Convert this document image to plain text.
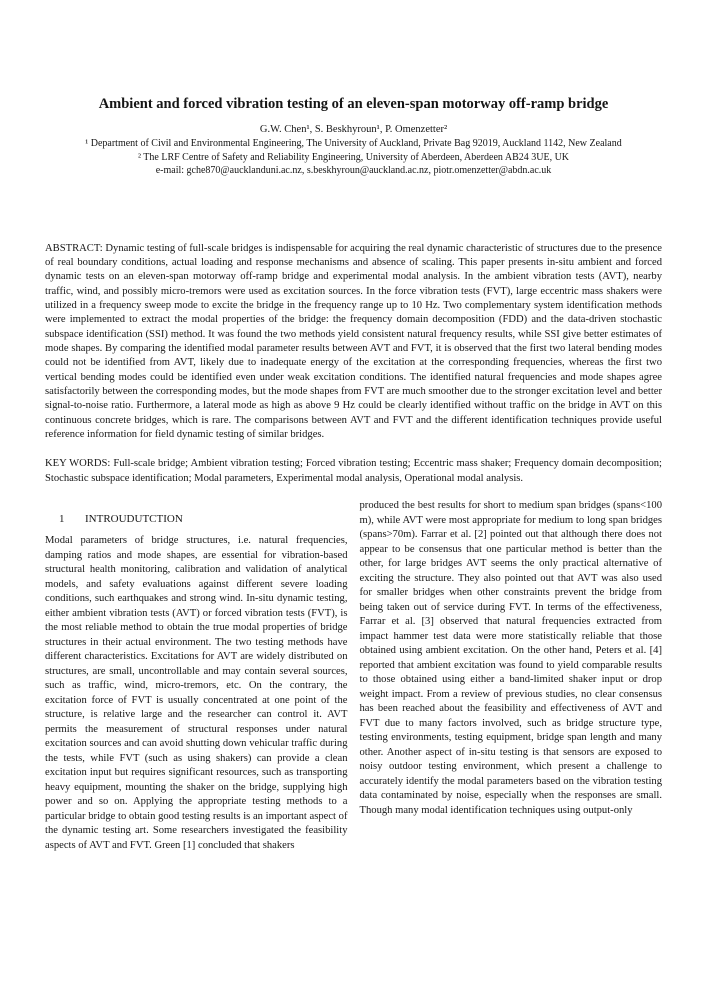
Ambient and forced vibration testing of an eleven-span motorway off-ramp bridge
G.W. Chen¹, S. Beskhyroun¹, P. Omenzetter²
¹ Department of Civil and Environmental Engineering, The University of Auckland, Private Bag 92019, Auckland 1142, New Zealand
² The LRF Centre of Safety and Reliability Engineering, University of Aberdeen, Aberdeen AB24 3UE, UK
e-mail: gche870@aucklanduni.ac.nz, s.beskhyroun@auckland.ac.nz, piotr.omenzetter@abdn.ac.uk

ABSTRACT: Dynamic testing of full-scale bridges is indispensable for acquiring the real dynamic characteristic of structures due to the presence of real boundary conditions, actual loading and response mechanisms and absence of scaling. This paper presents in-situ ambient and forced dynamic tests on an eleven-span motorway off-ramp bridge and experimental modal analysis. In the ambient vibration tests (AVT), nearby traffic, wind, and possibly micro-tremors were used as excitation sources. In the force vibration tests (FVT), large eccentric mass shakers were utilized in a frequency sweep mode to excite the bridge in the frequency range up to 10 Hz. Two complementary system identification methods were implemented to extract the modal properties of the bridge: the frequency domain decomposition (FDD) and the data-driven stochastic subspace identification (SSI) method. It was found the two methods yield consistent natural frequency results, while SSI give better estimates of mode shapes. By comparing the identified modal parameter results between AVT and FVT, it is observed that the first two lateral bending modes could not be identified from AVT, likely due to inadequate energy of the excitation at the corresponding frequencies, whereas the first two vertical bending modes could be identified even under weak excitation conditions. The identified natural frequencies and mode shapes agree satisfactorily between the corresponding modes, but the mode shapes from FVT are much smoother due to the stronger excitation level and better signal-to-noise ratio. Furthermore, a lateral mode as high as above 9 Hz could be clearly identified without traffic on the bridge in AVT on this continuous concrete bridges, which is rare. The comparisons between AVT and FVT and the different identification techniques provide useful reference information for field dynamic testing of similar bridges.

KEY WORDS: Full-scale bridge; Ambient vibration testing; Forced vibration testing; Eccentric mass shaker; Frequency domain decomposition; Stochastic subspace identification; Modal parameters, Experimental modal analysis, Operational modal analysis.

1	INTROUDUTCTION

Modal parameters of bridge structures, i.e. natural frequencies, damping ratios and mode shapes, are essential for vibration-based structural health monitoring, calibration and validation of analytical models, and safety evaluations against different severe loading conditions, such earthquakes and strong wind. In-situ dynamic testing, either ambient vibration tests (AVT) or forced vibration tests (FVT), is the most reliable method to obtain the true modal properties of bridge structures in their actual environment. The two testing methods have different characteristics. Excitations for AVT are widely distributed on structures, are small, uncontrollable and may contain several sources, such as traffic, wind, micro-tremors, etc. On the contrary, the excitation force of FVT is usually concentrated at one point of the structure, is relative large and the researcher can control it. AVT permits the measurement of structural responses under natural excitation sources and can avoid shutting down vehicular traffic during the tests, while FVT (such as using shakers) can provide a clean excitation input but requires significant resources, such as transporting heavy equipment, mounting the shaker on the bridge, supplying high power and so on. Applying the appropriate testing methods to a particular bridge to obtain good testing results is an important aspect of the dynamic testing art. Some researchers investigated the feasibility aspects of AVT and FVT. Green [1] concluded that shakers

produced the best results for short to medium span bridges (spans<100 m), while AVT were most appropriate for medium to long span bridges (spans>70m). Farrar et al. [2] pointed out that although there does not appear to be consensus that one particular method is better than the other, for large bridges AVT seems the only practical alternative of exciting the structure. They also pointed out that AVT was also used for smaller bridges when other constraints prevent the bridge from being taken out of service during FVT. In terms of the effectiveness, Farrar et al. [3] observed that natural frequencies extracted from impact hammer test data were more statistically reliable that those obtained using ambient excitation. On the other hand, Peters et al. [4] reported that ambient excitation was found to yield comparable results to those obtained using either a band-limited shaker input or drop weight impact. From a review of previous studies, no clear consensus has been reached about the feasibility and effectiveness of AVT and FVT due to many factors involved, such as bridge structure type, testing environments, testing equipment, bridge span length and many other. Another aspect of in-situ testing is that sensors are exposed to noisy outdoor testing environment, which present a challenge to accurately identify the modal parameters based on the vibration testing data contaminated by noise, especially when the responses are small. Though many modal identification techniques using output-only
